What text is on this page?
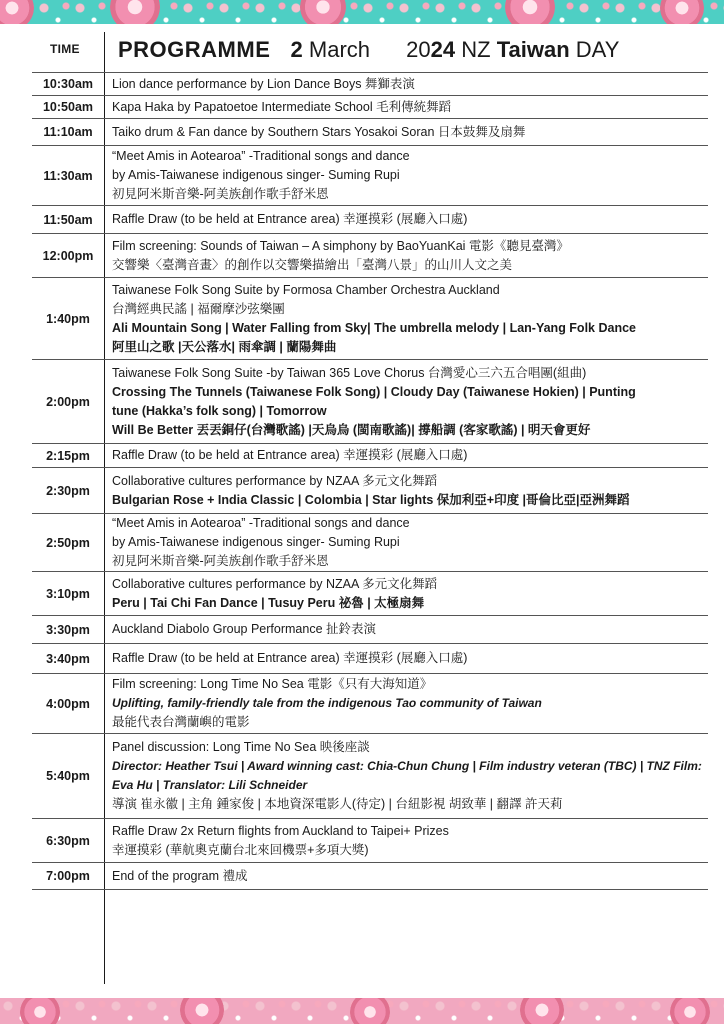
TIME PROGRAMME 2 March 2024 NZ Taiwan DAY
10:30am	Lion dance performance by Lion Dance Boys 舞獅表演
10:50am	Kapa Haka by Papatoetoe Intermediate School 毛利傳統舞蹈
11:10am	Taiko drum & Fan dance by Southern Stars Yosakoi Soran 日本鼓舞及扇舞
11:30am
“Meet Amis in Aotearoa” -Traditional songs and dance
by Amis-Taiwanese indigenous singer- Suming Rupi
初見阿米斯音樂-阿美族創作歌手舒米恩
11:50am	Raffle Draw (to be held at Entrance area) 幸運摸彩 (展廳入口處)
12:00pm
Film screening: Sounds of Taiwan – A simphony by BaoYuanKai 電影《聽見臺灣》
交響樂〈臺灣音畫〉的創作以交響樂描繪出「臺灣八景」的山川人文之美
1:40pm
Taiwanese Folk Song Suite by Formosa Chamber Orchestra Auckland
台灣經典民謠 | 福爾摩沙弦樂團
Ali Mountain Song | Water Falling from Sky| The umbrella melody | Lan-Yang Folk Dance
阿里山之歌 |天公落水| 雨傘調 | 蘭陽舞曲
2:00pm
Taiwanese Folk Song Suite -by Taiwan 365 Love Chorus 台灣愛心三六五合唱團(組曲)
Crossing The Tunnels (Taiwanese Folk Song) | Cloudy Day (Taiwanese Hokien) | Punting
tune (Hakka’s folk song) | Tomorrow
Will Be Better 丟丟銅仔(台灣歌謠) |天烏烏 (閩南歌謠)| 撐船調 (客家歌謠) | 明天會更好
2:15pm	Raffle Draw (to be held at Entrance area) 幸運摸彩 (展廳入口處)
2:30pm
Collaborative cultures performance by NZAA 多元文化舞蹈
Bulgarian Rose + India Classic | Colombia | Star lights 保加利亞+印度 |哥倫比亞|亞洲舞蹈
2:50pm
“Meet Amis in Aotearoa” -Traditional songs and dance
by Amis-Taiwanese indigenous singer- Suming Rupi
初見阿米斯音樂-阿美族創作歌手舒米恩
3:10pm
Collaborative cultures performance by NZAA 多元文化舞蹈
Peru | Tai Chi Fan Dance | Tusuy Peru 祕魯 | 太極扇舞
3:30pm	Auckland Diabolo Group Performance 扯鈴表演
3:40pm	Raffle Draw (to be held at Entrance area) 幸運摸彩 (展廳入口處)
4:00pm
Film screening: Long Time No Sea 電影《只有大海知道》
Uplifting, family-friendly tale from the indigenous Tao community of Taiwan
最能代表台灣蘭嶼的電影
5:40pm
Panel discussion: Long Time No Sea 映後座談
Director: Heather Tsui | Award winning cast: Chia-Chun Chung | Film industry veteran (TBC) | TNZ Film:
Eva Hu | Translator: Lili Schneider
導演 崔永徽 | 主角 鍾家俊 | 本地資深電影人(待定) | 台紐影視 胡致華 | 翻譯 許天莉
6:30pm
Raffle Draw 2x Return flights from Auckland to Taipei+ Prizes
幸運摸彩 (華航奧克蘭台北來回機票+多項大獎)
7:00pm	End of the program 禮成
